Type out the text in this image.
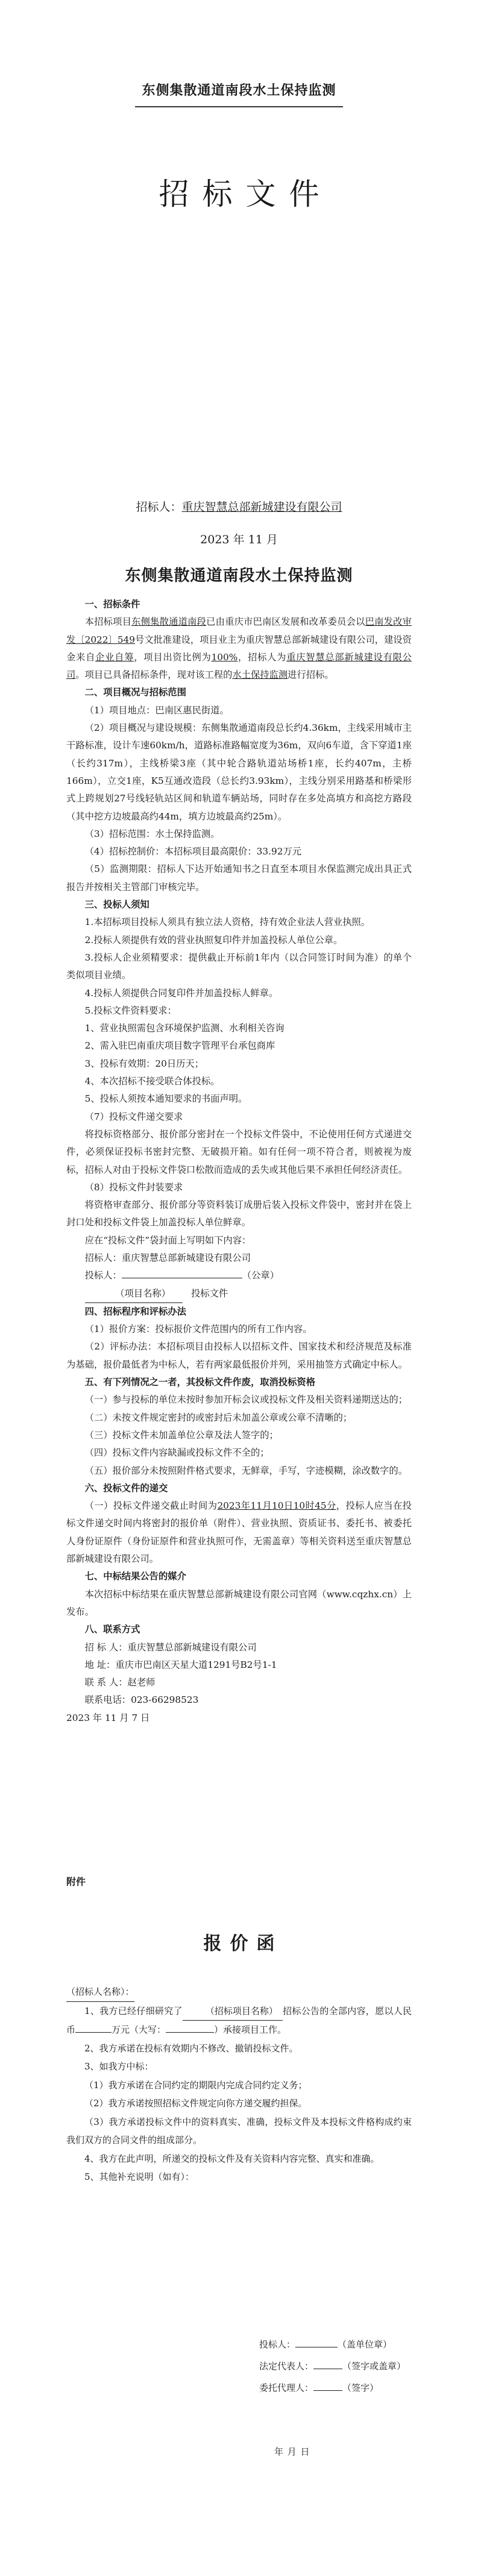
东侧集散通道南段水土保持监测
招标文件
招标人：重庆智慧总部新城建设有限公司
2023 年 11 月
东侧集散通道南段水土保持监测

一、招标条件

本招标项目东侧集散通道南段已由重庆市巴南区发展和改革委员会以巴南发改审发〔2022〕549号文批准建设，项目业主为重庆智慧总部新城建设有限公司，建设资金来自企业自筹，项目出资比例为100%，招标人为重庆智慧总部新城建设有限公司。项目已具备招标条件，现对该工程的水土保持监测进行招标。

二、项目概况与招标范围

（1）项目地点：巴南区惠民街道。

（2）项目概况与建设规模：东侧集散通道南段总长约4.36km，主线采用城市主干路标准，设计车速60km/h，道路标准路幅宽度为36m，双向6车道，含下穿道1座（长约317m），主线桥梁3座（其中轮合路轨道站场桥1座，长约407m，主桥166m），立交1座，K5互通改造段（总长约3.93km），主线分别采用路基和桥梁形式上跨规划27号线轻轨站区间和轨道车辆站场，同时存在多处高填方和高挖方路段（其中挖方边坡最高约44m，填方边坡最高约25m）。

（3）招标范围：水土保持监测。

（4）招标控制价：本招标项目最高限价：33.92万元

（5）监测期限：招标人下达开始通知书之日直至本项目水保监测完成出具正式报告并按相关主管部门审核完毕。

三、投标人须知

1.本招标项目投标人须具有独立法人资格，持有效企业法人营业执照。

2.投标人须提供有效的营业执照复印件并加盖投标人单位公章。

3.投标人企业须精要求：提供截止开标前1年内（以合同签订时间为准）的单个类似项目业绩。

4.投标人须提供合同复印件并加盖投标人鲜章。

5.投标文件资料要求：

1、营业执照需包含环境保护监测、水利相关咨询

2、需入驻巴南重庆项目数字管理平台承包商库

3、投标有效期：20日历天；

4、本次招标不接受联合体投标。

5、投标人须按本通知要求的书面声明。

（7）投标文件递交要求

将投标资格部分、报价部分密封在一个投标文件袋中，不论使用任何方式递进交件，必须保证投标书密封完整、无破损开箱。如有任何一项不符合者，则被视为废标，招标人对由于投标文件袋口松散而造成的丢失或其他后果不承担任何经济责任。

（8）投标文件封装要求

将资格审查部分、报价部分等资料装订成册后装入投标文件袋中，密封并在袋上封口处和投标文件袋上加盖投标人单位鲜章。

应在“投标文件”袋封面上写明如下内容：

招标人：重庆智慧总部新城建设有限公司

投标人：	（公章）

（项目名称） 投标文件

四、招标程序和评标办法

（1）报价方案：投标报价文件范围内的所有工作内容。

（2）评标办法：本招标项目由投标人以招标文件、国家技术和经济规范及标准为基础，报价最低者为中标人，若有两家最低报价并列，采用抽签方式确定中标人。

五、有下列情况之一者，其投标文件作废，取消投标资格

（一）参与投标的单位未按时参加开标会议或投标文件及相关资料递期送达的；

（二）未按文件规定密封的或密封后未加盖公章或公章不清晰的；

（三）投标文件未加盖单位公章及法人签字的；

（四）投标文件内容缺漏或投标文件不全的；

（五）报价部分未按照附件格式要求，无鲜章，手写，字迹模糊，涂改数字的。

六、投标文件的递交

（一）投标文件递交截止时间为2023年11月10日10时45分，投标人应当在投标文件递交时间内将密封的报价单（附件）、营业执照、资质证书、委托书、被委托人身份证原件（身份证原件和营业执照可作，无需盖章）等相关资料送至重庆智慧总部新城建设有限公司。

七、中标结果公告的媒介

本次招标中标结果在重庆智慧总部新城建设有限公司官网（www.cqzhx.cn）上发布。

八、联系方式

招 标 人：重庆智慧总部新城建设有限公司

地 址：重庆市巴南区天星大道1291号B2号1-1

联 系 人：赵老师

联系电话：023-66298523

2023 年 11 月 7 日

附件
报价函

（招标人名称）：

1、我方已经仔细研究了	（招标项目名称） 招标公告的全部内容，愿以人民币	万元（大写：	）承接项目工作。

2、我方承诺在投标有效期内不修改、撤销投标文件。

3、如我方中标：

（1）我方承诺在合同约定的期限内完成合同约定义务；

（2）我方承诺按照招标文件规定向你方递交履约担保。

（3）我方承诺投标文件中的资料真实、准确，投标文件及本投标文件格构成约束我们双方的合同文件的组成部分。

4、我方在此声明，所递交的投标文件及有关资料内容完整、真实和准确。

5、其他补充说明（如有）：

投标人：	（盖单位章）
法定代表人：	（签字或盖章）
委托代理人：	（签字）
年 月 日
